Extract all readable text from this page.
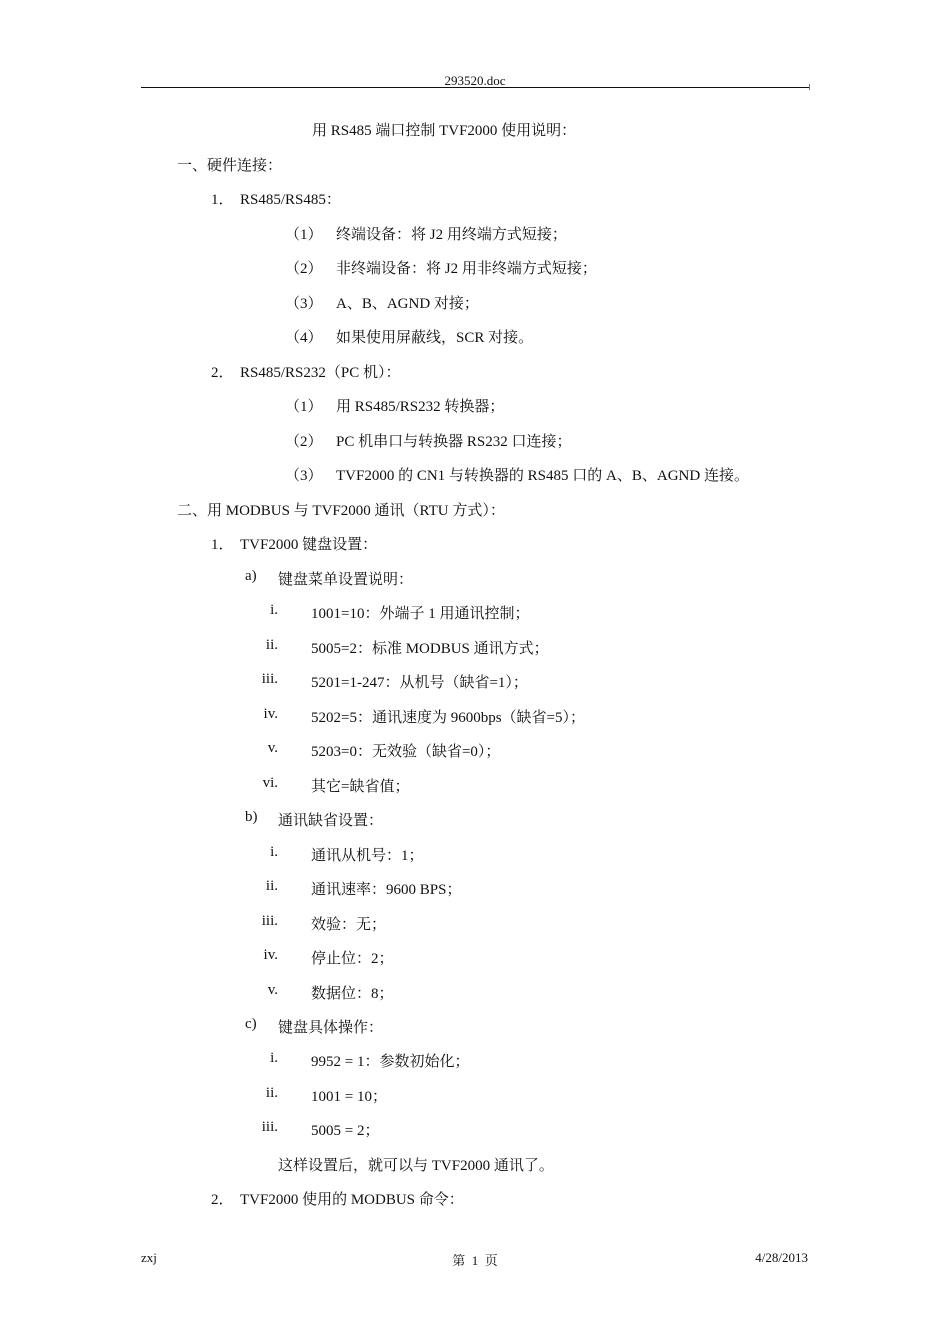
293520.doc
用 RS485 端口控制 TVF2000 使用说明：
一、硬件连接：
1． RS485/RS485：
（1） 终端设备：将 J2 用终端方式短接；
（2） 非终端设备：将 J2 用非终端方式短接；
（3） A、B、AGND 对接；
（4） 如果使用屏蔽线，SCR 对接。
2． RS485/RS232（PC 机）：
（1） 用 RS485/RS232 转换器；
（2） PC 机串口与转换器 RS232 口连接；
（3） TVF2000 的 CN1 与转换器的 RS485 口的 A、B、AGND 连接。
二、用 MODBUS 与 TVF2000 通讯（RTU 方式）：
1． TVF2000 键盘设置：
a) 键盘菜单设置说明：
i. 1001=10：外端子 1 用通讯控制；
ii. 5005=2：标准 MODBUS 通讯方式；
iii. 5201=1-247：从机号（缺省=1）；
iv. 5202=5：通讯速度为 9600bps（缺省=5）；
v. 5203=0：无效验（缺省=0）；
vi. 其它=缺省值；
b) 通讯缺省设置：
i. 通讯从机号：1；
ii. 通讯速率：9600 BPS；
iii. 效验：无；
iv. 停止位：2；
v. 数据位：8；
c) 键盘具体操作：
i. 9952 = 1：参数初始化；
ii. 1001 = 10；
iii. 5005 = 2；
这样设置后，就可以与 TVF2000 通讯了。
2． TVF2000 使用的 MODBUS 命令：
zxj	第  1  页	4/28/2013
